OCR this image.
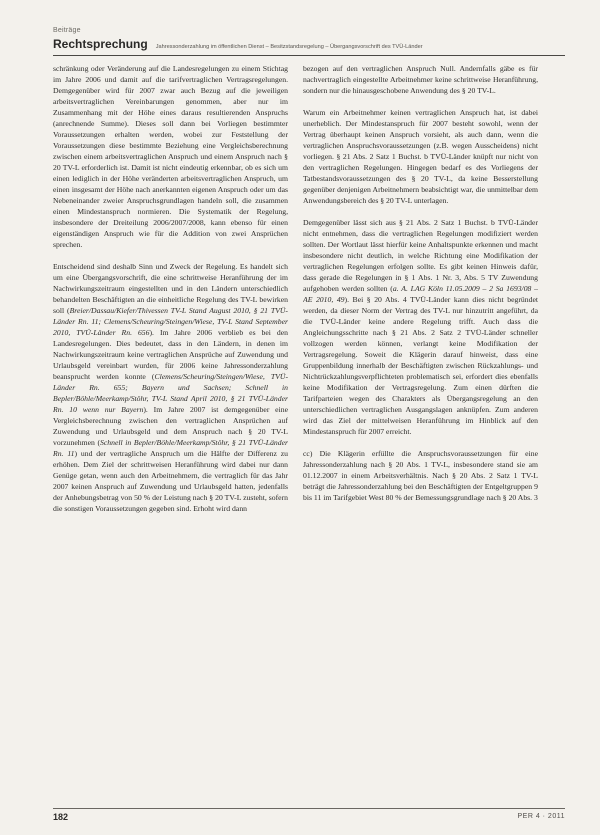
Beiträge
Rechtsprechung Jahressonderzahlung im öffentlichen Dienst – Besitzstandsregelung – Übergangsvorschrift des TVÜ-Länder

schränkung oder Veränderung auf die Landesregelungen zu einem Stichtag im Jahre 2006 und damit auf die tarifvertraglichen Vertragsregelungen. Demgegenüber wird für 2007 zwar auch Bezug auf die jeweiligen arbeitsvertraglichen Vereinbarungen genommen, aber nur im Zusammenhang mit der Höhe eines daraus resultierenden Anspruchs (anrechnende Summe). Dieses soll dann bei Vorliegen bestimmter Voraussetzungen erhalten werden, wobei zur Feststellung der Voraussetzungen diese bestimmte Beziehung eine Vergleichsberechnung zwischen einem arbeitsvertraglichen Anspruch und einem Anspruch nach § 20 TV-L erforderlich ist. Damit ist nicht eindeutig erkennbar, ob es sich um einen lediglich in der Höhe veränderten arbeitsvertraglichen Anspruch, um einen insgesamt der Höhe nach anerkannten eigenen Anspruch oder um das Nebeneinander zweier Anspruchsgrundlagen handeln soll, die zusammen einen Mindestanspruch normieren. Die Systematik der Regelung, insbesondere der Dreiteilung 2006/2007/2008, kann ebenso für einen eigenständigen Anspruch wie für die Addition von zwei Ansprüchen sprechen.

Entscheidend sind deshalb Sinn und Zweck der Regelung. Es handelt sich um eine Übergangsvorschrift, die eine schrittweise Heranführung der im Nachwirkungszeitraum eingestellten und in den Ländern unterschiedlich behandelten Beschäftigten an die einheitliche Regelung des TV-L bewirken soll (Breier/Dassau/Kiefer/Thivessen TV-L Stand August 2010, § 21 TVÜ-Länder Rn. 11; Clemens/Scheuring/Steingen/Wiese, TV-L Stand September 2010, TVÜ-Länder Rn. 656). Im Jahre 2006 verblieb es bei den Landesregelungen. Dies bedeutet, dass in den Ländern, in denen im Nachwirkungszeitraum keine vertraglichen Ansprüche auf Zuwendung und Urlaubsgeld vereinbart wurden, für 2006 keine Jahressonderzahlung beansprucht werden konnte (Clemens/Scheuring/Steingen/Wiese, TVÜ-Länder Rn. 655; Bayern und Sachsen; Schnell in Bepler/Böhle/Meerkamp/Stöhr, TV-L Stand April 2010, § 21 TVÜ-Länder Rn. 10 wenn nur Bayern). Im Jahre 2007 ist demgegenüber eine Vergleichsberechnung zwischen den vertraglichen Ansprüchen auf Zuwendung und Urlaubsgeld und dem Anspruch nach § 20 TV-L vorzunehmen (Schnell in Bepler/Böhle/Meerkamp/Stöhr, § 21 TVÜ-Länder Rn. 11) und der vertragliche Anspruch um die Hälfte der Differenz zu erhöhen. Dem Ziel der schrittweisen Heranführung wird dabei nur dann Genüge getan, wenn auch den Arbeitnehmern, die vertraglich für das Jahr 2007 keinen Anspruch auf Zuwendung und Urlaubsgeld hatten, jedenfalls der Anhebungsbetrag von 50 % der Leistung nach § 20 TV-L zusteht, sofern die sonstigen Voraussetzungen gegeben sind. Erhoht wird dann

bezogen auf den vertraglichen Anspruch Null. Andernfalls gäbe es für nachvertraglich eingestellte Arbeitnehmer keine schrittweise Heranführung, sondern nur die hinausgeschobene Anwendung des § 20 TV-L.

Warum ein Arbeitnehmer keinen vertraglichen Anspruch hat, ist dabei unerheblich. Der Mindestanspruch für 2007 besteht sowohl, wenn der Vertrag überhaupt keinen Anspruch vorsieht, als auch dann, wenn die vertraglichen Anspruchsvoraussetzungen (z.B. wegen Ausscheidens) nicht vorliegen. § 21 Abs. 2 Satz 1 Buchst. b TVÜ-Länder knüpft nur nicht von den vertraglichen Regelungen. Hingegen bedarf es des Vorliegens der Tatbestandsvoraussetzungen des § 20 TV-L, da keine Besserstellung gegenüber denjenigen Arbeitnehmern beabsichtigt war, die unmittelbar dem Anwendungsbereich des § 20 TV-L unterlagen.

Demgegenüber lässt sich aus § 21 Abs. 2 Satz 1 Buchst. b TVÜ-Länder nicht entnehmen, dass die vertraglichen Regelungen modifiziert werden sollten. Der Wortlaut lässt hierfür keine Anhaltspunkte erkennen und macht insbesondere nicht deutlich, in welche Richtung eine Modifikation der vertraglichen Regelungen erfolgen sollte. Es gibt keinen Hinweis dafür, dass gerade die Regelungen in § 1 Abs. 1 Nr. 3, Abs. 5 TV Zuwendung aufgehoben werden sollten (a. A. LAG Köln 11.05.2009 – 2 Sa 1693/08 – AE 2010, 49). Bei § 20 Abs. 4 TVÜ-Länder kann dies nicht begründet werden, da dieser Norm der Vertrag des TV-L nur hinzutritt angeführt, da die TVÜ-Länder keine andere Regelung trifft. Auch dass die Angleichungsschritte nach § 21 Abs. 2 Satz 2 TVÜ-Länder schneller vollzogen werden können, verlangt keine Modifikation der Vertragsregelung. Soweit die Klägerin darauf hinweist, dass eine Gruppenbildung innerhalb der Beschäftigten zwischen Rückzahlungs- und Nichtrückzahlungsverpflichteten problematisch sei, erfordert dies ebenfalls keine Modifikation der Vertragsregelung. Zum einen dürften die Tarifparteien wegen des Charakters als Übergangsregelung an den unterschiedlichen vertraglichen Ausgangslagen anknüpfen. Zum anderen wird das Ziel der mittelweisen Heranführung im Hinblick auf den Mindestanspruch für 2007 erreicht.

cc) Die Klägerin erfüllte die Anspruchsvoraussetzungen für eine Jahressonderzahlung nach § 20 Abs. 1 TV-L, insbesondere stand sie am 01.12.2007 in einem Arbeitsverhältnis. Nach § 20 Abs. 2 Satz 1 TV-L beträgt die Jahressonderzahlung bei den Beschäftigten der Entgeltgruppen 9 bis 11 im Tarifgebiet West 80 % der Bemessungsgrundlage nach § 20 Abs. 3

182	PER 4 · 2011
